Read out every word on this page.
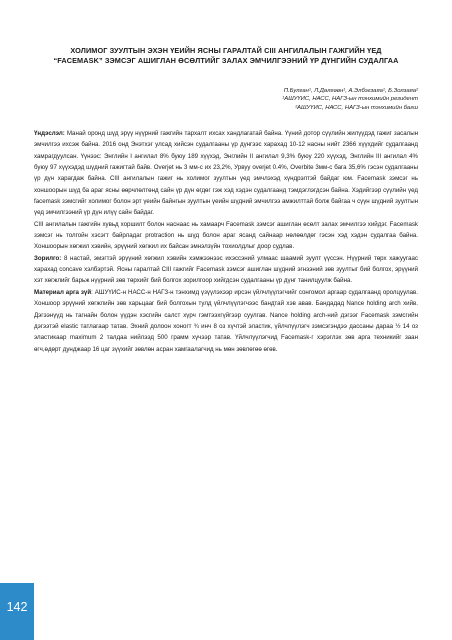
ХОЛИМОГ ЗУУЛТЫН ЭХЭН ҮЕИЙН ЯСНЫ ГАРАЛТАЙ СIII АНГИЛАЛЫН ГАЖГИЙН ҮЕД
“FACEMASK” ЗЭМСЭГ АШИГЛАН ӨСӨЛТИЙГ ЗАЛАХ ЭМЧИЛГЭЭНИЙ ҮР ДҮНГИЙН СУДАЛГАА
П.Булган¹, Л.Дөлгөөн¹, А.Элбэгзаяа¹, Б.Золзаяа²
¹АШУҮИС, НАСС, НАГЗ-ын тэнхимийн резидент
²АШУҮИС, НАСС, НАГЗ-ын тэнхимийн багш

Үндэслэл: Манай оронд шүд эрүү нүүрний гажгийн тархалт ихсах хандлагатай байна. Үүний дотор сүүлийн жилүүдэд гажиг засалын эмчилгээ ихсэж байна. 2016 онд Энэтхэг улсад хийсэн судалгааны үр дүнгээс харахад 10-12 насны нийт 2366 хүүхдийг судалгаанд хамрагдуулсан. Үүнээс: Энглийн I ангилал 8% буюу 189 хүүхэд, Энглийн II ангилал 9,3% буюу 220 хүүхэд, Энглийн III ангилал 4% буюу 97 хүүхэдэд шүдний гажигтай байв. Overjet нь 3 мм-с их 23,2%, Урвуу overjet 0.4%, Overbite 3мм-с бага 35,6% гэсэн судалгааны үр дүн харагдаж байна. CIII ангилалын гажиг нь холимог зуултын үед эмчлэхэд хүндрэлтэй байдаг юм. Facemask зэмсэг нь хоншоорын шүд ба араг ясны өөрчлөлтөнд сайн үр дүн өгдөг гэж хэд хэдэн судалгаанд тэмдэглэгдсэн байна. Хэдийгээр сүүлийн үед facemask зэмсгийг холимог болон эрт үеийн байнгын зуултын үеийн шүдний эмчилгээ амжилттай болж байгаа ч сүүн шүдний зуултын үед эмчилгээний үр дүн илүү сайн байдаг.

CIII ангилалын гажгийн хувьд хоршилт болон наснаас нь хамаарч Facemask зэмсэг ашиглан өсөлт залах эмчилгээ хийдэг. Facemask зэмсэг нь толгойн хэсэгт байрладаг protraction нь шүд болон араг ясанд сайнаар нөлөөлдөг гэсэн хэд хэдэн судалгаа байна. Хоншоорын хөгжил хэвийн, эрүүний хөгжил их байсан эмнэлзүйн тохиолдлыг доор судлав.

Зорилго: 8 настай, эмэгтэй эрүүний хөгжил хэвийн хэмжээнээс ихэссэний улмаас шаамий зуулт үүссэн. Нүүрний төрх хажуугаас харахад concave хэлбэртэй. Ясны гаралтай CIII гажгийг Facemask зэмсэг ашиглан шүдний эгнээний зөв зуултыг бий болгох, эрүүний хэт хөгжлийг барьж нүүрний зөв төрхийг бий болгох зорилгоор хийгдсэн судалгааны үр дүнг танилцуулж байна.

Материал арга зүй: АШУҮИС-н НАСС-н НАГЗ-н тэнхимд үзүүлэхээр ирсэн үйлчлүүлэгчийг сонгомол аргаар судалгаанд оролцуулав. Хоншоор эрүүний хөгжлийн зөв харьцааг бий болгохын тулд үйлчлүүлэгчээс бандтай хэв авав. Бандадад Nance holding arch хийв. Дэгээнүүд нь тагнайн болон үүдэн хэсгийн салст хүрч гэмтээхгүйгээр суулгав. Nance holding arch-ний дэгээг Facemask зэмсгийн дэгээтэй elastic татлагаар татав. Эхний долоон хоногт ¾ инч 8 оз хүчтэй эластик, үйлчлүүлэгч зэмсэгэндээ дассаны дараа ½ 14 оз эластикаар maximum 2 талдаа нийлээд 500 грамм хүчээр татав. Үйлчлүүлэгчид Facemask-г хэрэглэх зөв арга техникийг заан өгч,өдөрт дунджаар 16 цаг зүүхийг зөвлөн асран хамгаалагчид нь мөн зөвлөгөө өгөв.

142
